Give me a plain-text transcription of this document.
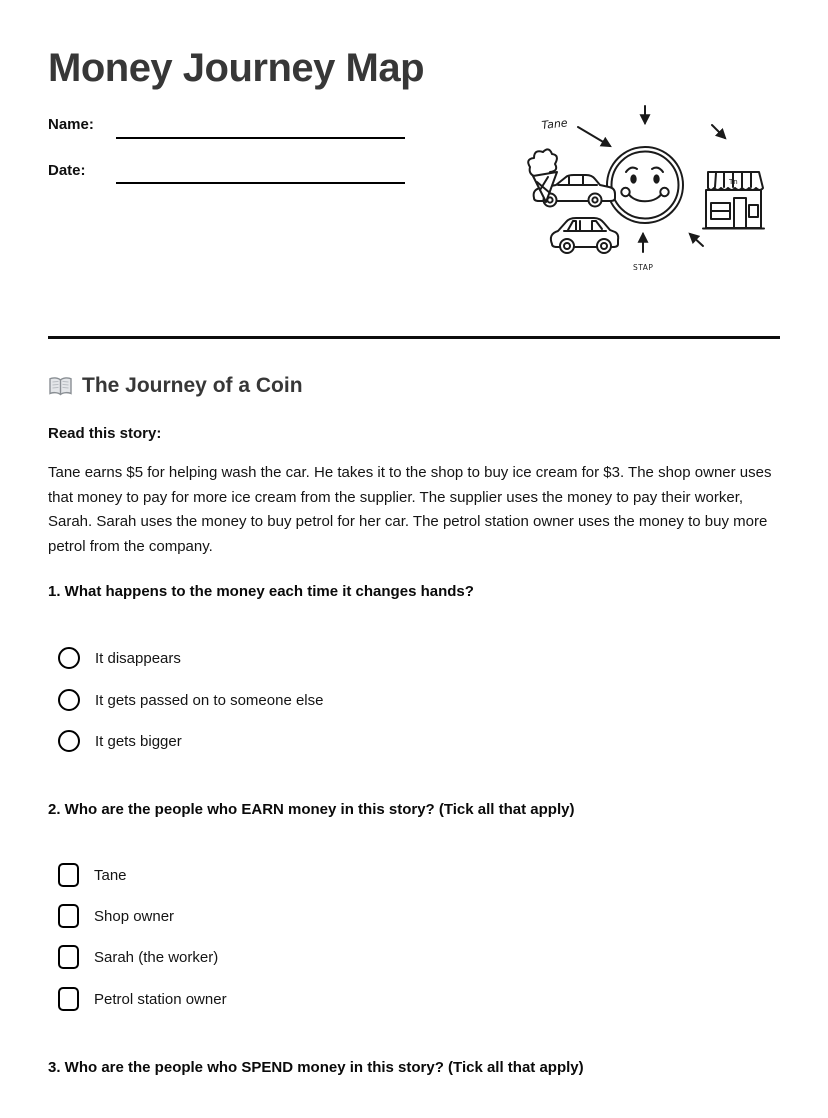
Money Journey Map
Name:
Date:
Tane
Tn
STAP
The Journey of a Coin
Read this story:

Tane earns $5 for helping wash the car. He takes it to the shop to buy ice cream for $3. The shop owner uses that money to pay for more ice cream from the supplier. The supplier uses the money to pay their worker, Sarah. Sarah uses the money to buy petrol for her car. The petrol station owner uses the money to buy more petrol from the company.

1. What happens to the money each time it changes hands?
It disappears
It gets passed on to someone else
It gets bigger
2. Who are the people who EARN money in this story? (Tick all that apply)
Tane
Shop owner
Sarah (the worker)
Petrol station owner
3. Who are the people who SPEND money in this story? (Tick all that apply)
